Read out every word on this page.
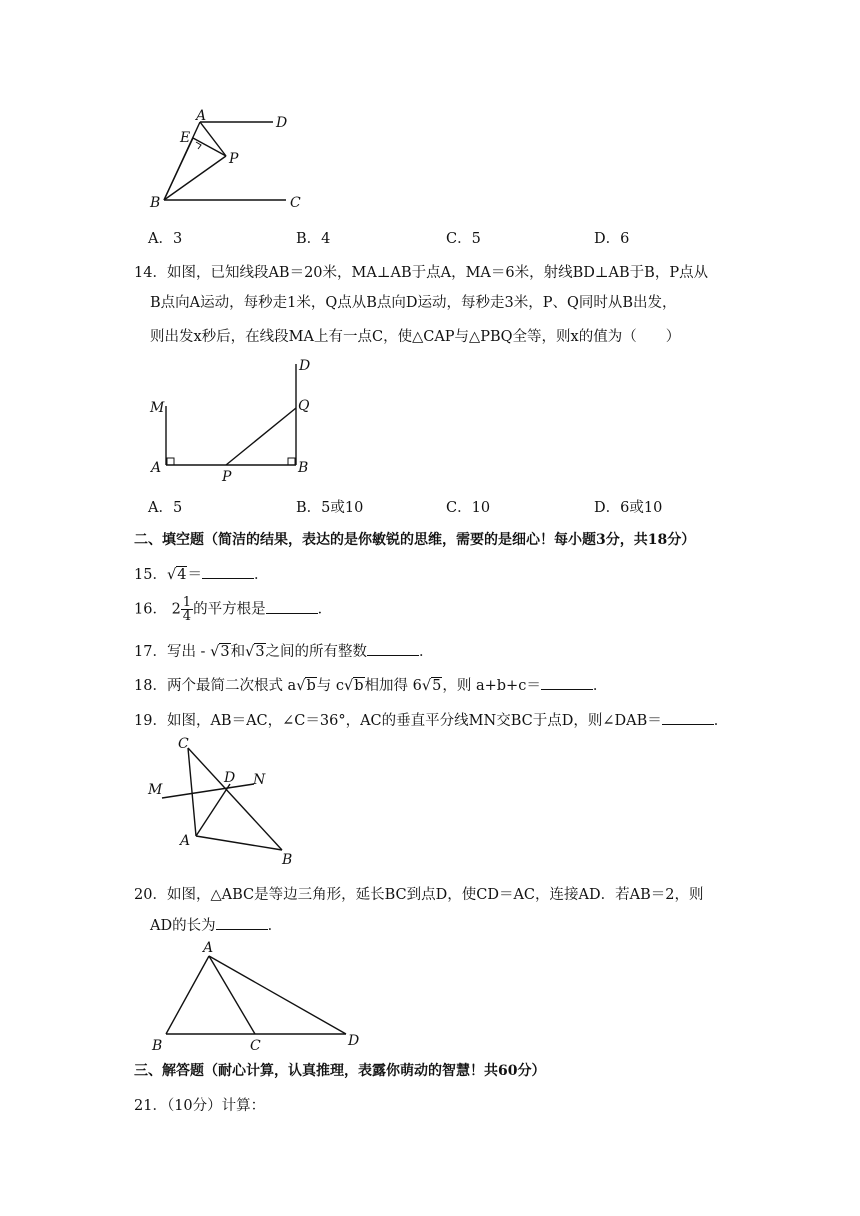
A	D
E
P
B	C
A．3	B．4	C．5	D．6
14．如图，已知线段AB＝20米，MA⊥AB于点A，MA＝6米，射线BD⊥AB于B，P点从
B点向A运动，每秒走1米，Q点从B点向D运动，每秒走3米，P、Q同时从B出发，
则出发x秒后，在线段MA上有一点C，使△CAP与△PBQ全等，则x的值为（　　）
D
M	Q
A
P
B
A．5	B．5或10	C．10	D．6或10
二、填空题（简洁的结果，表达的是你敏锐的思维，需要的是细心！每小题3分，共18分）
15．√4＝	．
16． $2 \frac{1}{4}$ 的平方根是	．
17．写出 - √3和√3之间的所有整数	．
18．两个最简二次根式 a√b与 c√b相加得 6√5，则 a+b+c＝	．
19．如图，AB＝AC，∠C＝36°，AC的垂直平分线MN交BC于点D，则∠DAB＝	．
C
M
D N
A
B
20．如图，△ABC是等边三角形，延长BC到点D，使CD＝AC，连接AD．若AB＝2，则
AD的长为	．
A
B	C	D
三、解答题（耐心计算，认真推理，表露你萌动的智慧！共60分）
21．（10分）计算：
